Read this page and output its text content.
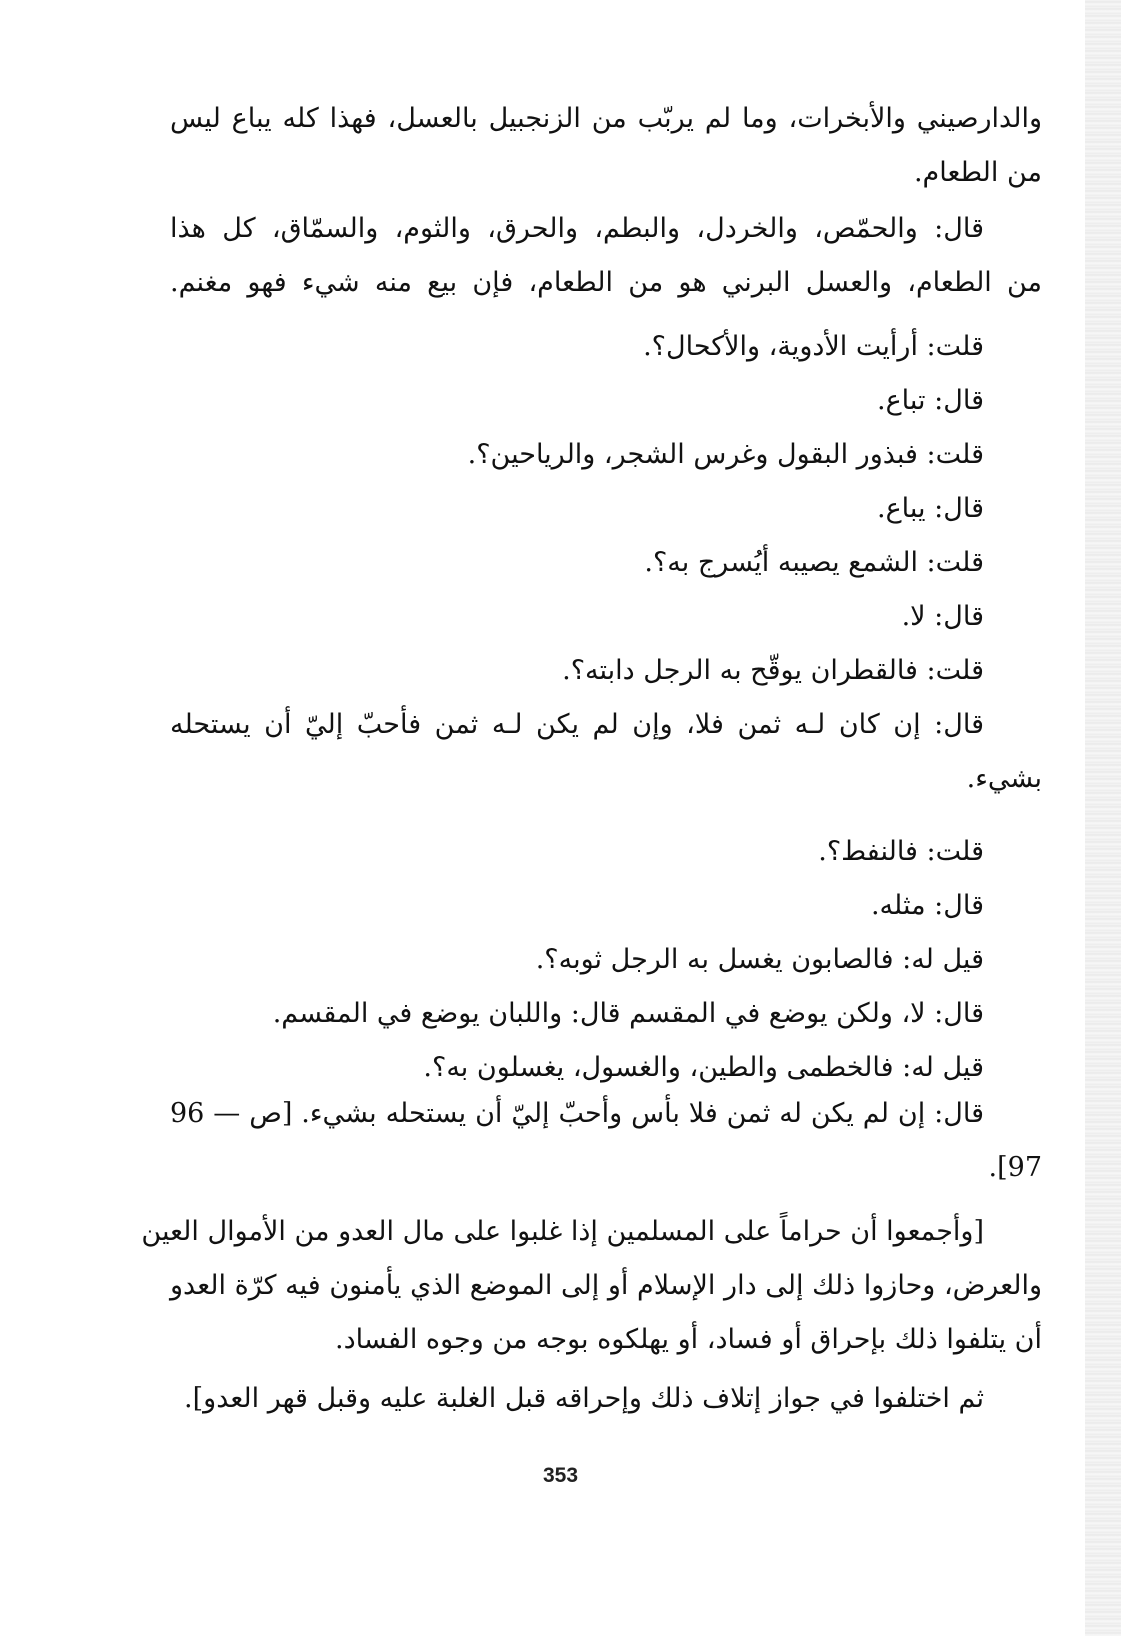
والدارصيني والأبخرات، وما لم يربّب من الزنجبيل بالعسل، فهذا كله يباع ليس
من الطعام.
قال: والحمّص، والخردل، والبطم، والحرق، والثوم، والسمّاق، كل هذا
من الطعام، والعسل البرني هو من الطعام، فإن بيع منه شيء فهو مغنم.
قلت: أرأيت الأدوية، والأكحال؟.
قال: تباع.
قلت: فبذور البقول وغرس الشجر، والرياحين؟.
قال: يباع.
قلت: الشمع يصيبه أيُسرج به؟.
قال: لا.
قلت: فالقطران يوقّح به الرجل دابته؟.
قال: إن كان لـه ثمن فلا، وإن لم يكن لـه ثمن فأحبّ إليّ أن يستحله
بشيء.
قلت: فالنفط؟.
قال: مثله.
قيل له: فالصابون يغسل به الرجل ثوبه؟.
قال: لا، ولكن يوضع في المقسم قال: واللبان يوضع في المقسم.
قيل له: فالخطمى والطين، والغسول، يغسلون به؟.
قال: إن لم يكن له ثمن فلا بأس وأحبّ إليّ أن يستحله بشيء. [ص — 96
97].
[وأجمعوا أن حراماً على المسلمين إذا غلبوا على مال العدو من الأموال العين
والعرض، وحازوا ذلك إلى دار الإسلام أو إلى الموضع الذي يأمنون فيه كرّة العدو
أن يتلفوا ذلك بإحراق أو فساد، أو يهلكوه بوجه من وجوه الفساد.
ثم اختلفوا في جواز إتلاف ذلك وإحراقه قبل الغلبة عليه وقبل قهر العدو].
353
